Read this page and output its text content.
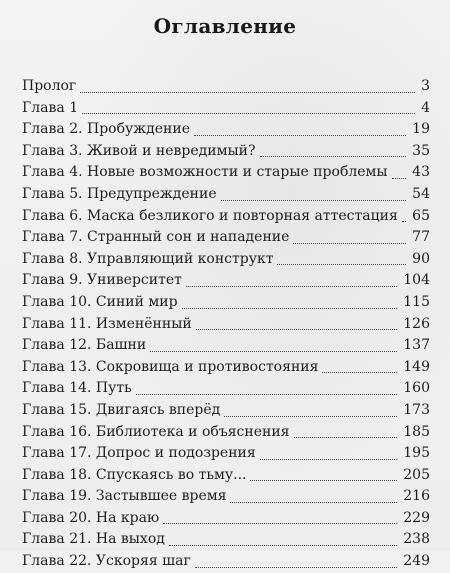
Оглавление
Пролог	3
Глава 1	4
Глава 2. Пробуждение	19
Глава 3. Живой и невредимый?	35
Глава 4. Новые возможности и старые проблемы 43
Глава 5. Предупреждение	54
Глава 6. Маска безликого и повторная аттестация 65
Глава 7. Странный сон и нападение	77
Глава 8. Управляющий конструкт	90
Глава 9. Университет	104
Глава 10. Синий мир	115
Глава 11. Изменённый	126
Глава 12. Башни	137
Глава 13. Сокровища и противостояния	149
Глава 14. Путь	160
Глава 15. Двигаясь вперёд	173
Глава 16. Библиотека и объяснения	185
Глава 17. Допрос и подозрения	195
Глава 18. Спускаясь во тьму...	205
Глава 19. Застывшее время	216
Глава 20. На краю	229
Глава 21. На выход	238
Глава 22. Ускоряя шаг	249
